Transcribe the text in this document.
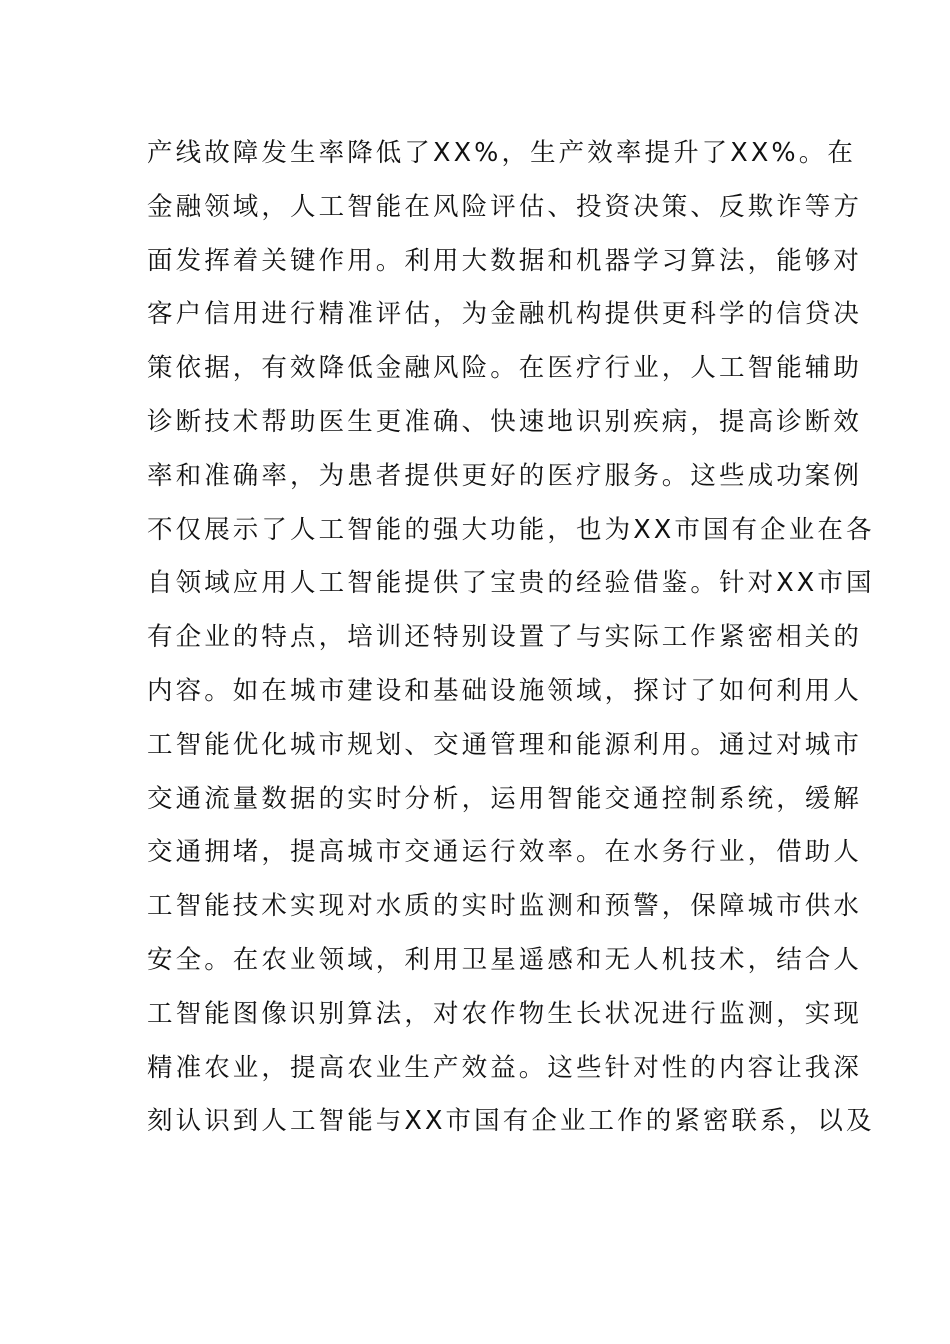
产线故障发生率降低了XX%，生产效率提升了XX%。在
金融领域，人工智能在风险评估、投资决策、反欺诈等方
面发挥着关键作用。利用大数据和机器学习算法，能够对
客户信用进行精准评估，为金融机构提供更科学的信贷决
策依据，有效降低金融风险。在医疗行业，人工智能辅助
诊断技术帮助医生更准确、快速地识别疾病，提高诊断效
率和准确率，为患者提供更好的医疗服务。这些成功案例
不仅展示了人工智能的强大功能，也为XX市国有企业在各
自领域应用人工智能提供了宝贵的经验借鉴。针对XX市国
有企业的特点，培训还特别设置了与实际工作紧密相关的
内容。如在城市建设和基础设施领域，探讨了如何利用人
工智能优化城市规划、交通管理和能源利用。通过对城市
交通流量数据的实时分析，运用智能交通控制系统，缓解
交通拥堵，提高城市交通运行效率。在水务行业，借助人
工智能技术实现对水质的实时监测和预警，保障城市供水
安全。在农业领域，利用卫星遥感和无人机技术，结合人
工智能图像识别算法，对农作物生长状况进行监测，实现
精准农业，提高农业生产效益。这些针对性的内容让我深
刻认识到人工智能与XX市国有企业工作的紧密联系，以及
